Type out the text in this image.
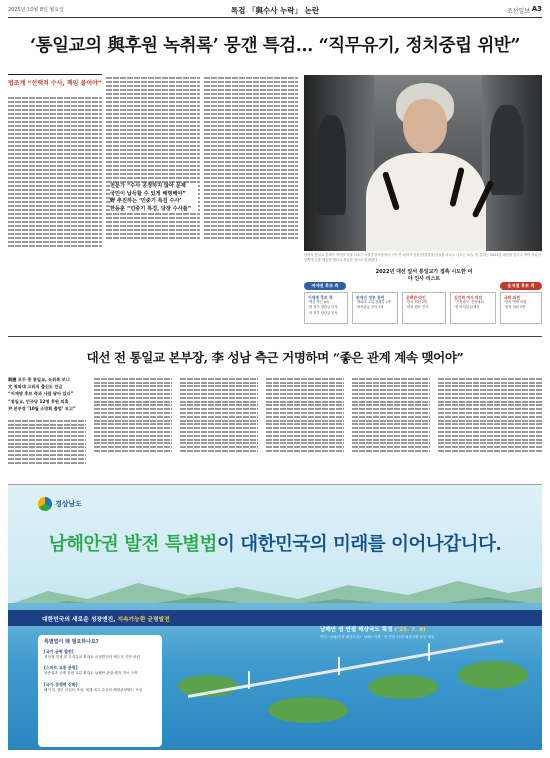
2025년 10월 8일 월요일	특검 「與수사 누락」 논란	조선일보 A3
‘통일교의 與후원 녹취록’ 뭉갠 특검… “직무유기, 정치중립 위반”
법조계 “선택적 수사, 책임 물어야”
전문가 “수사 공정하지 않아 문제
국민이 납득할 수 있게 해명해야”
野 추진하는 ‘민중기 특검 수사’
한동훈 “민중기 특검, 당장 수사를”
한학자 통일교 총재가 지난달 서울 서초구 서울중앙지법에서 구속 전 피의자 심문(영장실질심사)을 마치고 나오는 모습. 한 총재는 2022년 대선을 앞두고 여야 정치인 양쪽에 금품 제공을 했다고 진술한 것으로 알려졌다.
2022년 대선 앞서 통일교가 접촉 시도한 여야 인사 리스트
여야권 후보 측	윤석열 후보 측
이재명 후보 측
·핵심 측근 A씨
·현 정부 장관급 인사
·전 정부 장관급 인사
문재인 정부 관련
·청와대 고위 관계자 2명
·장차관급 인사 1명
윤핵관 라인
·당시 의원 2명
·대선 캠프 인사
김건희 여사 라인
·‘건진법사’ 전성배씨
·전 비서실 관계자
국회 의원
·당시 여야 의원
·전직 의원 2명
대선 전 통일교 본부장, 李 성남 측근 거명하며 “좋은 관계 계속 맺어야”
與圈 모두 중 통일교, 녹취록 보니
文 청와대 고위직 출신도 언급
“이재명 후보 측과 사람 닿아 있다”
“통일교, 민주당 12명 후원 의혹
尹 본부장 ‘10월 소망회 출범’ 보고”
경상남도
남해안권 발전 특별법이 대한민국의 미래를 이어나갑니다.
대한민국의 새로운 성장엔진, 지속가능한 균형발전
남해안 섬 연결 해상국도 확정 (’25. 7. 9)
여수~남해(신설 해상도로) · 남해~거제 · 섬 연결 13개 해상교량 완공 예정
특별법이 왜 필요하나요?
[국가 균형 발전]
정상권 경제 및 투자유치 확대로 균형발전의 제도적 기반 마련
[스마트 교통 관광]
남중권과 국제 관광 교류 확대로 남해안 관광·레저 허브 구축
[국가 경쟁력 강화]
해기 및 첨단 산업의 육성, 세계 최고 수준의 해양관광벨트 조성
